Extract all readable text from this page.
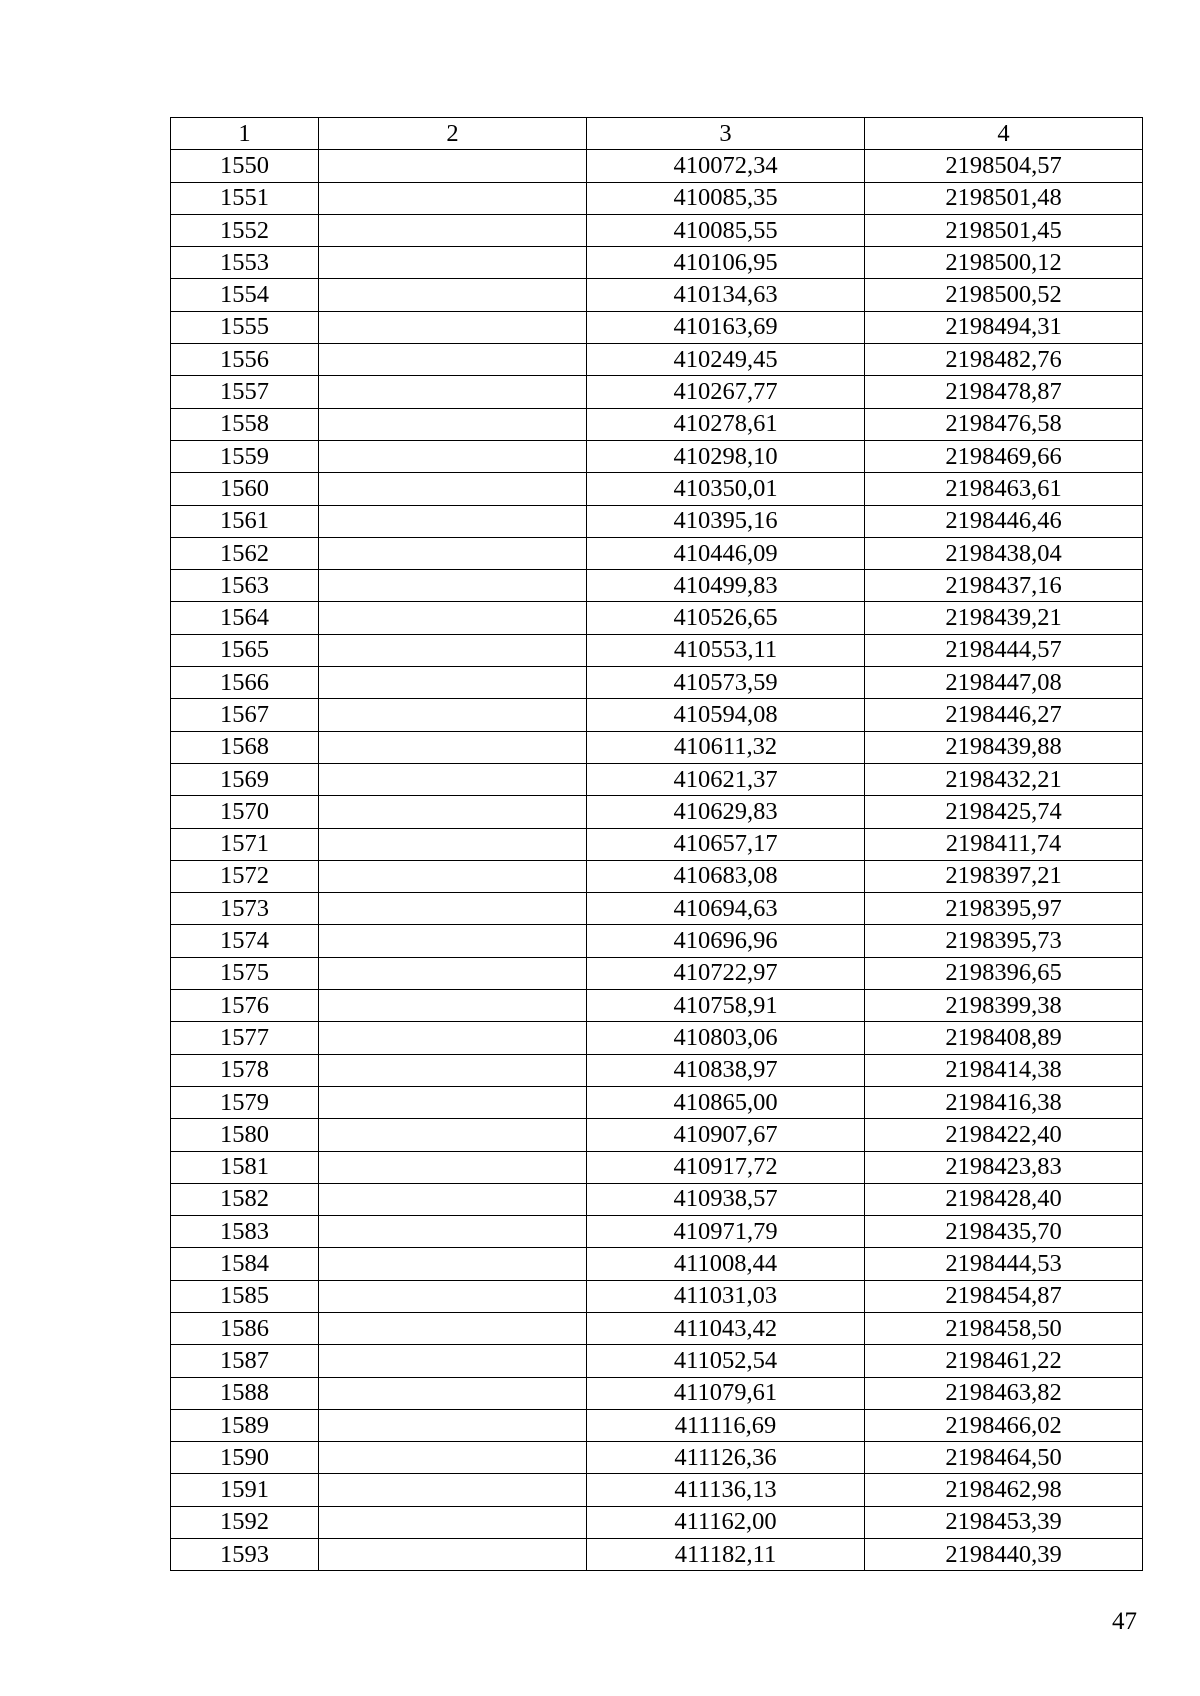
1	2	3	4
1550		410072,34	2198504,57
1551		410085,35	2198501,48
1552		410085,55	2198501,45
1553		410106,95	2198500,12
1554		410134,63	2198500,52
1555		410163,69	2198494,31
1556		410249,45	2198482,76
1557		410267,77	2198478,87
1558		410278,61	2198476,58
1559		410298,10	2198469,66
1560		410350,01	2198463,61
1561		410395,16	2198446,46
1562		410446,09	2198438,04
1563		410499,83	2198437,16
1564		410526,65	2198439,21
1565		410553,11	2198444,57
1566		410573,59	2198447,08
1567		410594,08	2198446,27
1568		410611,32	2198439,88
1569		410621,37	2198432,21
1570		410629,83	2198425,74
1571		410657,17	2198411,74
1572		410683,08	2198397,21
1573		410694,63	2198395,97
1574		410696,96	2198395,73
1575		410722,97	2198396,65
1576		410758,91	2198399,38
1577		410803,06	2198408,89
1578		410838,97	2198414,38
1579		410865,00	2198416,38
1580		410907,67	2198422,40
1581		410917,72	2198423,83
1582		410938,57	2198428,40
1583		410971,79	2198435,70
1584		411008,44	2198444,53
1585		411031,03	2198454,87
1586		411043,42	2198458,50
1587		411052,54	2198461,22
1588		411079,61	2198463,82
1589		411116,69	2198466,02
1590		411126,36	2198464,50
1591		411136,13	2198462,98
1592		411162,00	2198453,39
1593		411182,11	2198440,39
47
